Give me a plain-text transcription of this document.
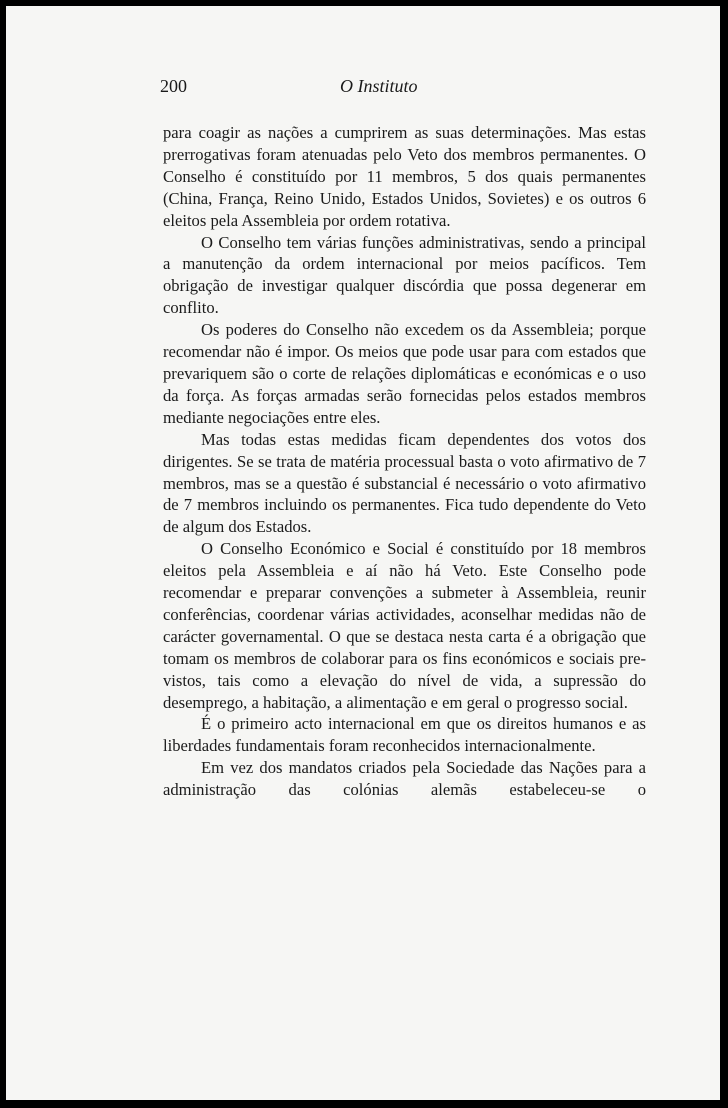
200	O Instituto

para coagir as nações a cumprirem as suas determinações. Mas estas prerrogativas foram atenuadas pelo Veto dos membros permanentes. O Conselho é constituído por 11 membros, 5 dos quais permanentes (China, França, Reino Unido, Estados Unidos, Sovietes) e os outros 6 eleitos pela Assembleia por ordem rotativa.

O Conselho tem várias funções administrativas, sendo a principal a manutenção da ordem internacional por meios pacíficos. Tem obrigação de investigar qualquer discórdia que possa degenerar em conflito.

Os poderes do Conselho não excedem os da Assembleia; porque recomendar não é impor. Os meios que pode usar para com estados que prevariquem são o corte de relações diplomáticas e económicas e o uso da força. As forças armadas serão fornecidas pelos estados membros mediante negociações entre eles.

Mas todas estas medidas ficam dependentes dos votos dos dirigentes. Se se trata de matéria processual basta o voto afirmativo de 7 membros, mas se a questão é substancial é necessário o voto afirmativo de 7 membros incluindo os permanentes. Fica tudo dependente do Veto de algum dos Estados.

O Conselho Económico e Social é constituído por 18 membros eleitos pela Assembleia e aí não há Veto. Este Conselho pode recomendar e preparar convenções a submeter à Assembleia, reunir conferências, coordenar várias actividades, aconselhar medidas não de carácter governamental. O que se destaca nesta carta é a obrigação que tomam os membros de colaborar para os fins económicos e sociais previstos, tais como a elevação do nível de vida, a supressão do desemprego, a habitação, a alimentação e em geral o progresso social.

É o primeiro acto internacional em que os direitos humanos e as liberdades fundamentais foram reconhecidos internacionalmente.

Em vez dos mandatos criados pela Sociedade das Nações para a administração das colónias alemãs estabeleceu-se o
